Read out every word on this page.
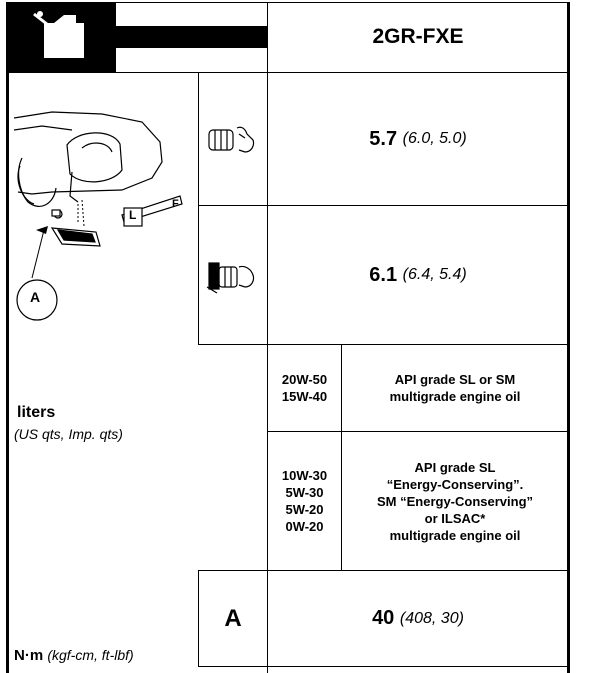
2GR-FXE
A
L
F
5.7
(6.0, 5.0)
6.1
(6.4, 5.4)
liters
(US qts, Imp. qts)
20W-50
15W-40
API grade SL or SM
multigrade engine oil
10W-30
5W-30
5W-20
0W-20
API grade SL
“Energy-Conserving”.
SM “Energy-Conserving”
or ILSAC*
multigrade engine oil
A	40
(408, 30)
N·m (kgf-cm, ft-lbf)
